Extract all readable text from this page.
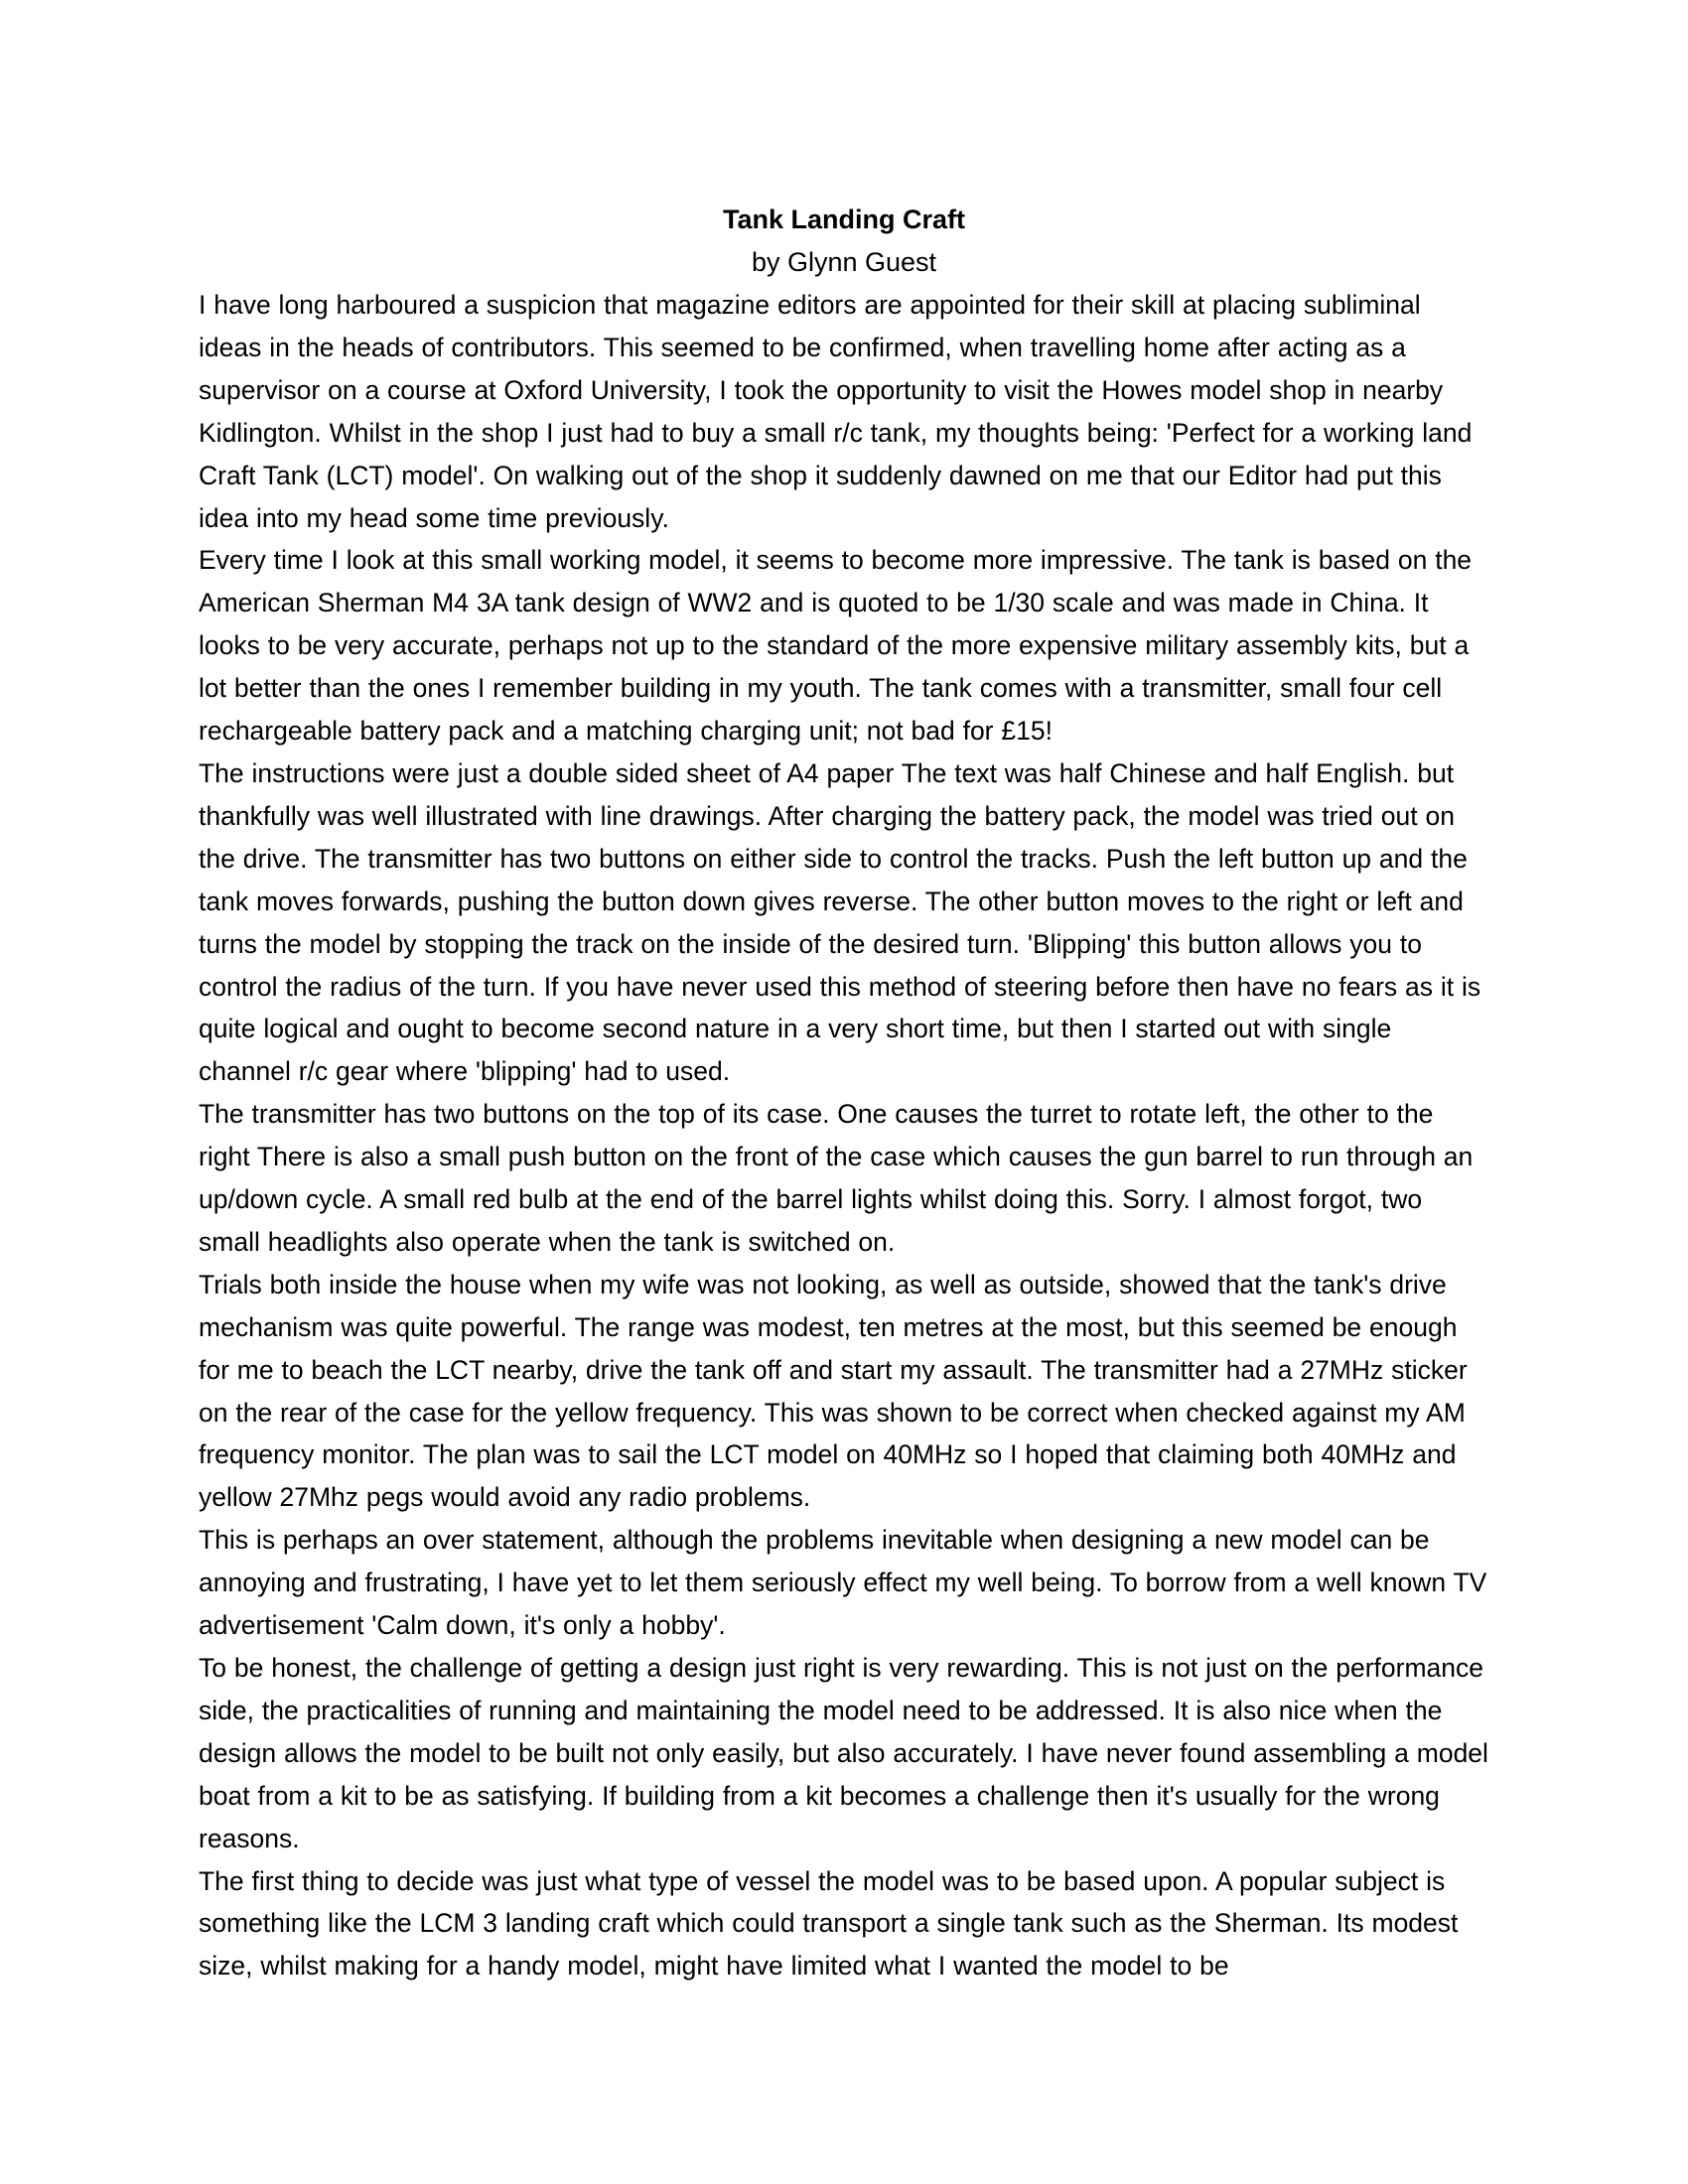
Tank Landing Craft

by Glynn Guest

I have long harboured a suspicion that magazine editors are appointed for their skill at placing subliminal ideas in the heads of contributors. This seemed to be confirmed, when travelling home after acting as a supervisor on a course at Oxford University, I took the opportunity to visit the Howes model shop in nearby Kidlington. Whilst in the shop I just had to buy a small r/c tank, my thoughts being: 'Perfect for a working land Craft Tank (LCT) model'. On walking out of the shop it suddenly dawned on me that our Editor had put this idea into my head some time previously.

Every time I look at this small working model, it seems to become more impressive. The tank is based on the American Sherman M4 3A tank design of WW2 and is quoted to be 1/30 scale and was made in China. It looks to be very accurate, perhaps not up to the standard of the more expensive military assembly kits, but a lot better than the ones I remember building in my youth. The tank comes with a transmitter, small four cell rechargeable battery pack and a matching charging unit; not bad for £15!

The instructions were just a double sided sheet of A4 paper The text was half Chinese and half English. but thankfully was well illustrated with line drawings. After charging the battery pack, the model was tried out on the drive. The transmitter has two buttons on either side to control the tracks. Push the left button up and the tank moves forwards, pushing the button down gives reverse. The other button moves to the right or left and turns the model by stopping the track on the inside of the desired turn. 'Blipping' this button allows you to control the radius of the turn. If you have never used this method of steering before then have no fears as it is quite logical and ought to become second nature in a very short time, but then I started out with single channel r/c gear where 'blipping' had to used.

The transmitter has two buttons on the top of its case. One causes the turret to rotate left, the other to the right There is also a small push button on the front of the case which causes the gun barrel to run through an up/down cycle. A small red bulb at the end of the barrel lights whilst doing this. Sorry. I almost forgot, two small headlights also operate when the tank is switched on.

Trials both inside the house when my wife was not looking, as well as outside, showed that the tank's drive mechanism was quite powerful. The range was modest, ten metres at the most, but this seemed be enough for me to beach the LCT nearby, drive the tank off and start my assault. The transmitter had a 27MHz sticker on the rear of the case for the yellow frequency. This was shown to be correct when checked against my AM frequency monitor. The plan was to sail the LCT model on 40MHz so I hoped that claiming both 40MHz and yellow 27Mhz pegs would avoid any radio problems.

This is perhaps an over statement, although the problems inevitable when designing a new model can be annoying and frustrating, I have yet to let them seriously effect my well being. To borrow from a well known TV advertisement 'Calm down, it's only a hobby'.

To be honest, the challenge of getting a design just right is very rewarding. This is not just on the performance side, the practicalities of running and maintaining the model need to be addressed. It is also nice when the design allows the model to be built not only easily, but also accurately. I have never found assembling a model boat from a kit to be as satisfying. If building from a kit becomes a challenge then it's usually for the wrong reasons.

The first thing to decide was just what type of vessel the model was to be based upon. A popular subject is something like the LCM 3 landing craft which could transport a single tank such as the Sherman. Its modest size, whilst making for a handy model, might have limited what I wanted the model to be
